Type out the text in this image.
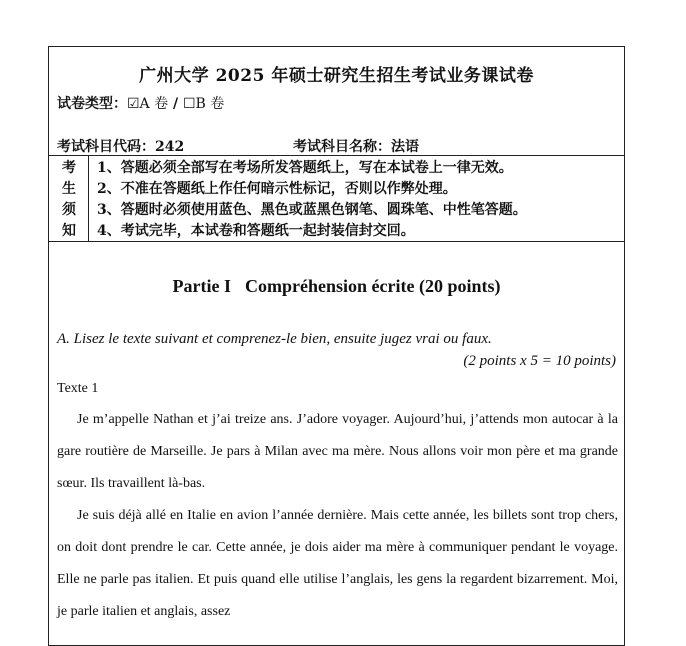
广州大学 2025 年硕士研究生招生考试业务课试卷
试卷类型：☑A 卷 / ☐B 卷
考试科目代码：242	考试科目名称：法语
考
生
须
知
1、答题必须全部写在考场所发答题纸上，写在本试卷上一律无效。
2、不准在答题纸上作任何暗示性标记，否则以作弊处理。
3、答题时必须使用蓝色、黑色或蓝黑色钢笔、圆珠笔、中性笔答题。
4、考试完毕，本试卷和答题纸一起封装信封交回。
Partie I Compréhension écrite (20 points)
A. Lisez le texte suivant et comprenez-le bien, ensuite jugez vrai ou faux.
(2 points x 5 = 10 points)
Texte 1
Je m’appelle Nathan et j’ai treize ans. J’adore voyager. Aujourd’hui, j’attends mon autocar à la gare routière de Marseille. Je pars à Milan avec ma mère. Nous allons voir mon père et ma grande sœur. Ils travaillent là-bas.
Je suis déjà allé en Italie en avion l’année dernière. Mais cette année, les billets sont trop chers, on doit dont prendre le car. Cette année, je dois aider ma mère à communiquer pendant le voyage. Elle ne parle pas italien. Et puis quand elle utilise l’anglais, les gens la regardent bizarrement. Moi, je parle italien et anglais, assez
